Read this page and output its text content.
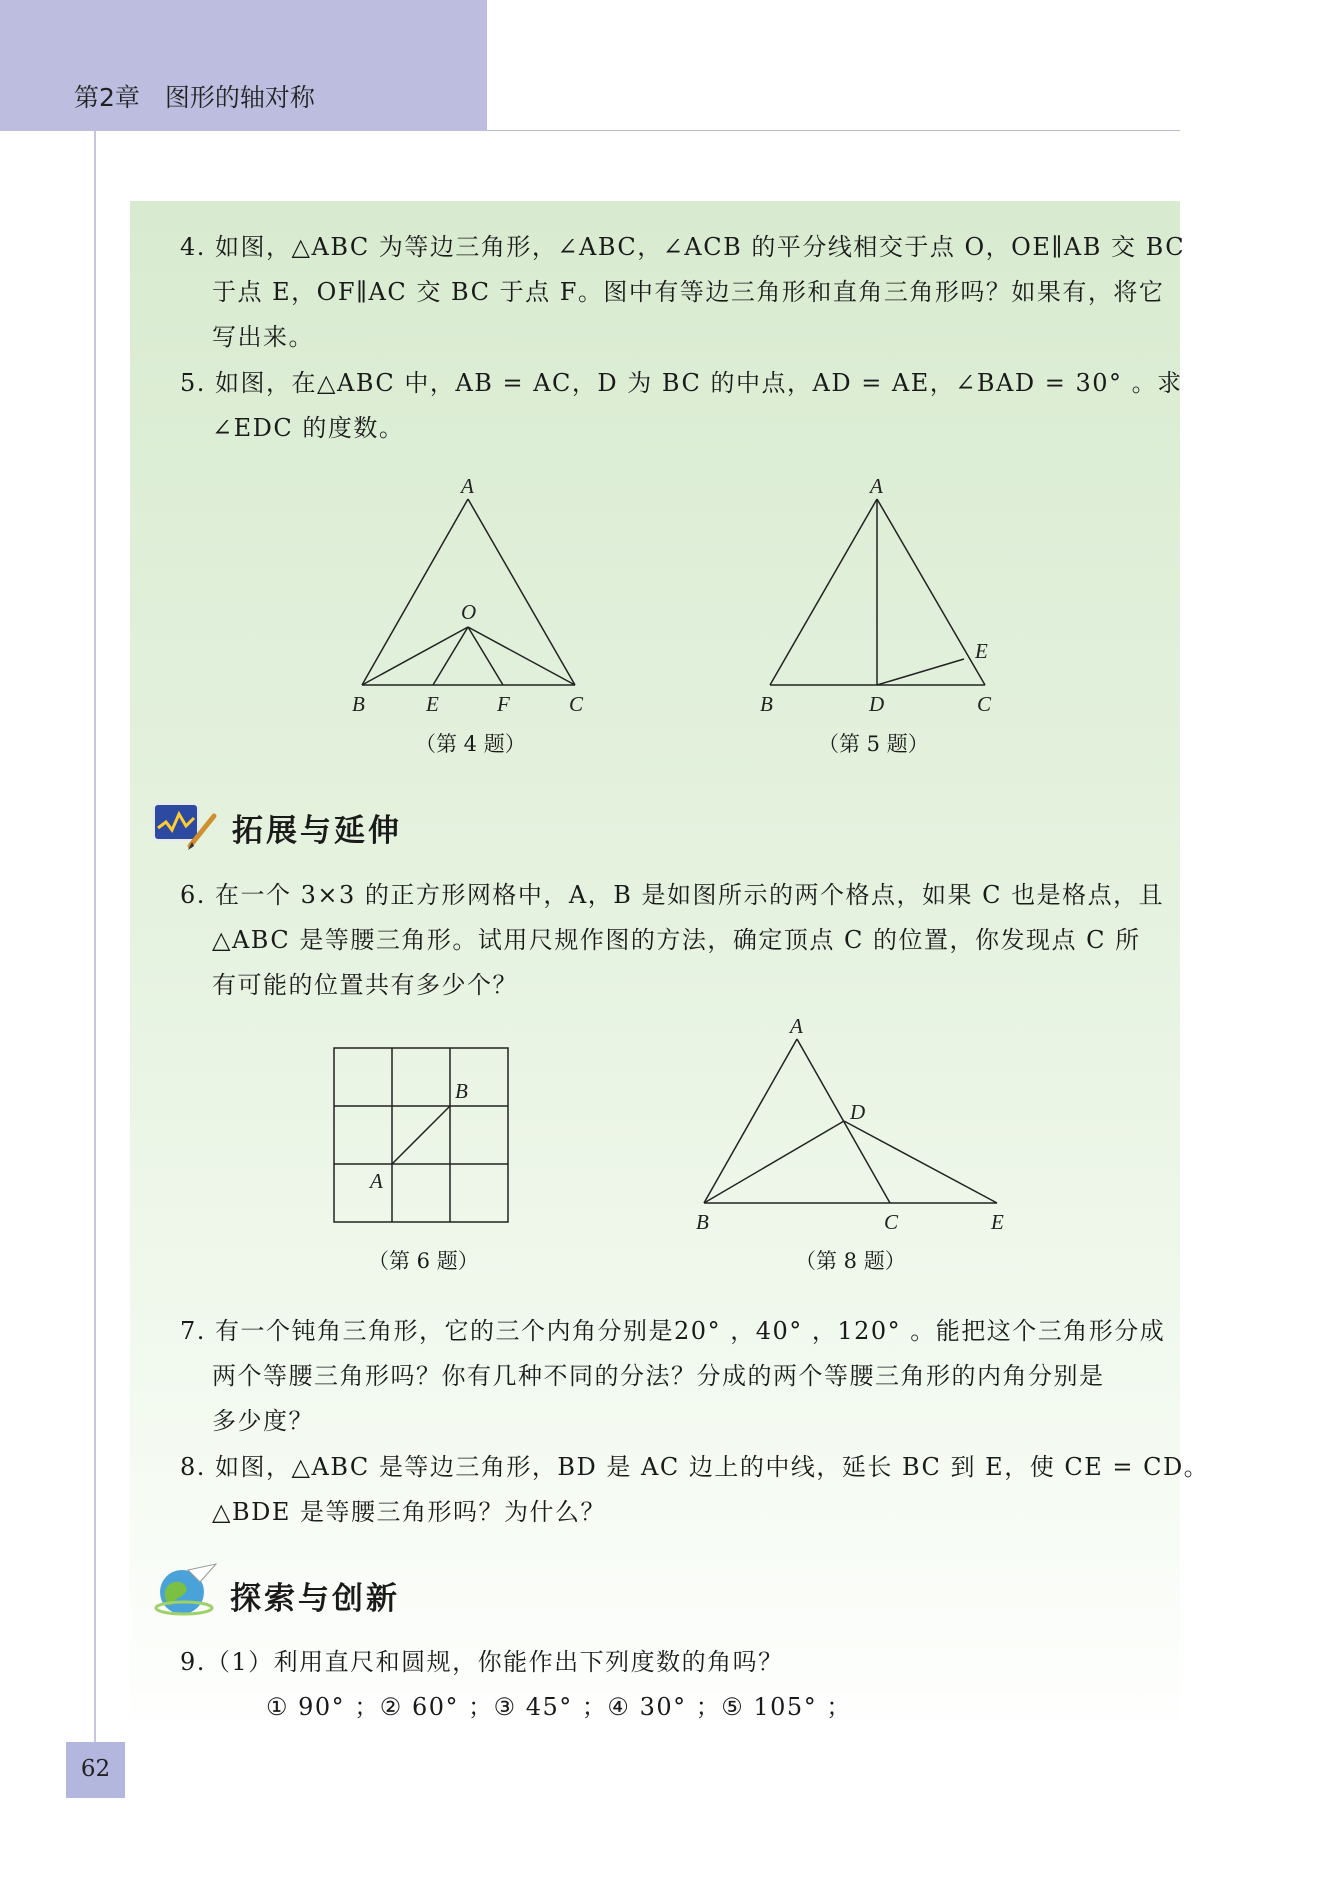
第2章　图形的轴对称
4. 如图，△ABC 为等边三角形，∠ABC，∠ACB 的平分线相交于点 O，OE∥AB 交 BC
于点 E，OF∥AC 交 BC 于点 F。图中有等边三角形和直角三角形吗？如果有，将它
写出来。
5. 如图，在△ABC 中，AB = AC，D 为 BC 的中点，AD = AE，∠BAD = 30° 。求
∠EDC 的度数。
A
O
B	E	F	C
（第 4 题）
A
E
B	D	C
（第 5 题）
拓展与延伸
6. 在一个 3×3 的正方形网格中，A，B 是如图所示的两个格点，如果 C 也是格点，且
△ABC 是等腰三角形。试用尺规作图的方法，确定顶点 C 的位置，你发现点 C 所
有可能的位置共有多少个？
B
A
（第 6 题）
A
D
B	C	E
（第 8 题）
7. 有一个钝角三角形，它的三个内角分别是20° ，40° ，120° 。能把这个三角形分成
两个等腰三角形吗？你有几种不同的分法？分成的两个等腰三角形的内角分别是
多少度？
8. 如图，△ABC 是等边三角形，BD 是 AC 边上的中线，延长 BC 到 E，使 CE = CD。
△BDE 是等腰三角形吗？为什么？
探索与创新
9.（1）利用直尺和圆规，你能作出下列度数的角吗？
① 90° ；② 60° ；③ 45° ；④ 30° ；⑤ 105° ；
62
